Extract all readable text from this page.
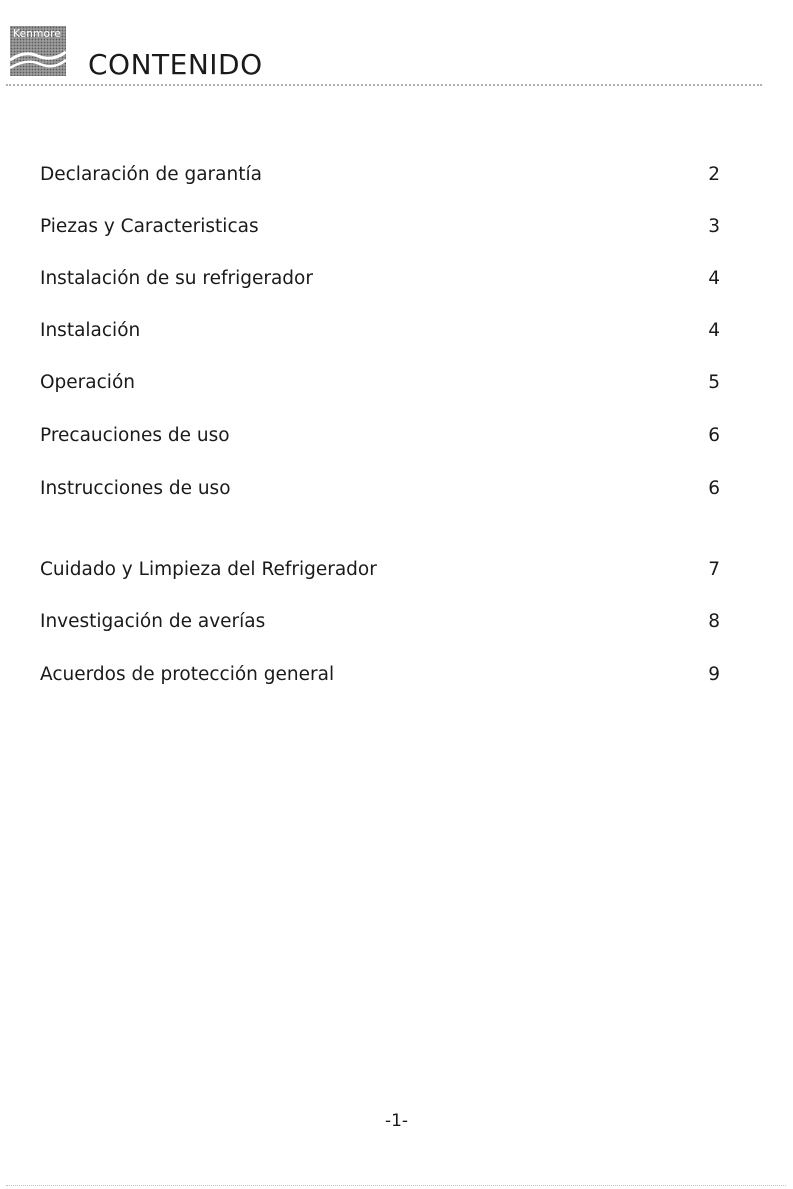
Kenmore
CONTENIDO
Declaración de garantía	2
Piezas y Caracteristicas	3
Instalación de su refrigerador	4
Instalación	4
Operación	5
Precauciones de uso	6
Instrucciones de uso	6
Cuidado y Limpieza del Refrigerador	7
Investigación de averías	8
Acuerdos de protección general	9
-1-
